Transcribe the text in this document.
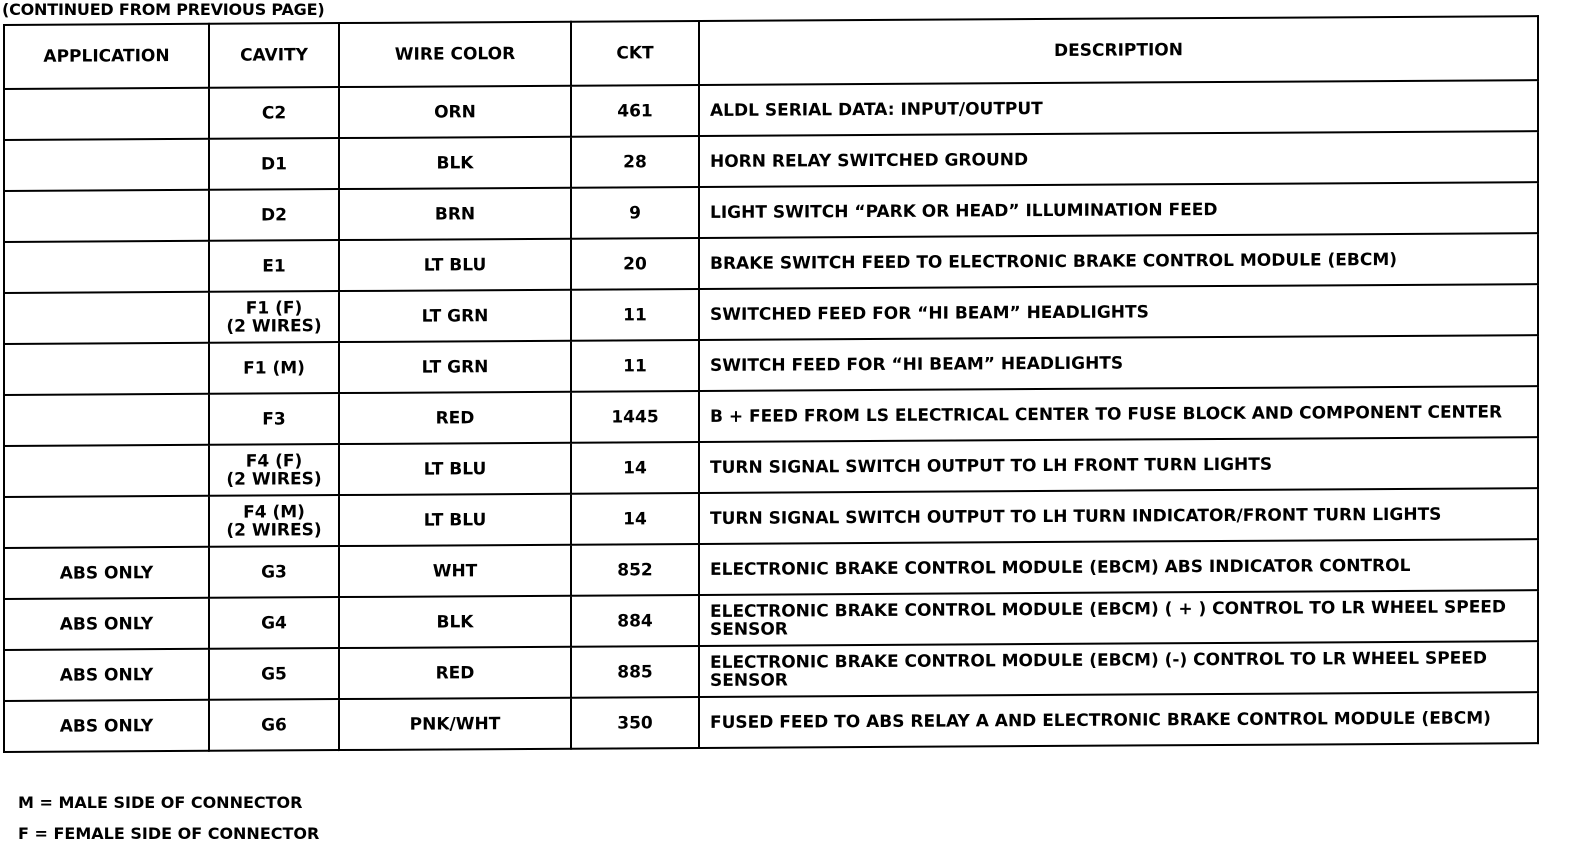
(CONTINUED FROM PREVIOUS PAGE)
APPLICATION	CAVITY	WIRE COLOR	CKT	DESCRIPTION

	C2	ORN	461	ALDL SERIAL DATA: INPUT/OUTPUT

	D1	BLK	28	HORN RELAY SWITCHED GROUND

	D2	BRN	9	LIGHT SWITCH “PARK OR HEAD” ILLUMINATION FEED

	E1	LT BLU	20	BRAKE SWITCH FEED TO ELECTRONIC BRAKE CONTROL MODULE (EBCM)

	F1 (F)
(2 WIRES)	LT GRN	11	SWITCHED FEED FOR “HI BEAM” HEADLIGHTS

	F1 (M)	LT GRN	11	SWITCH FEED FOR “HI BEAM” HEADLIGHTS

	F3	RED	1445	B + FEED FROM LS ELECTRICAL CENTER TO FUSE BLOCK AND COMPONENT CENTER

	F4 (F)
(2 WIRES)	LT BLU	14	TURN SIGNAL SWITCH OUTPUT TO LH FRONT TURN LIGHTS

	F4 (M)
(2 WIRES)	LT BLU	14	TURN SIGNAL SWITCH OUTPUT TO LH TURN INDICATOR/FRONT TURN LIGHTS
ABS ONLY	G3	WHT	852	ELECTRONIC BRAKE CONTROL MODULE (EBCM) ABS INDICATOR CONTROL
ABS ONLY	G4	BLK	884	ELECTRONIC BRAKE CONTROL MODULE (EBCM) ( + ) CONTROL TO LR WHEEL SPEED SENSOR
ABS ONLY	G5	RED	885	ELECTRONIC BRAKE CONTROL MODULE (EBCM) (-) CONTROL TO LR WHEEL SPEED SENSOR
ABS ONLY	G6	PNK/WHT	350	FUSED FEED TO ABS RELAY A AND ELECTRONIC BRAKE CONTROL MODULE (EBCM)
M = MALE SIDE OF CONNECTOR
F = FEMALE SIDE OF CONNECTOR
